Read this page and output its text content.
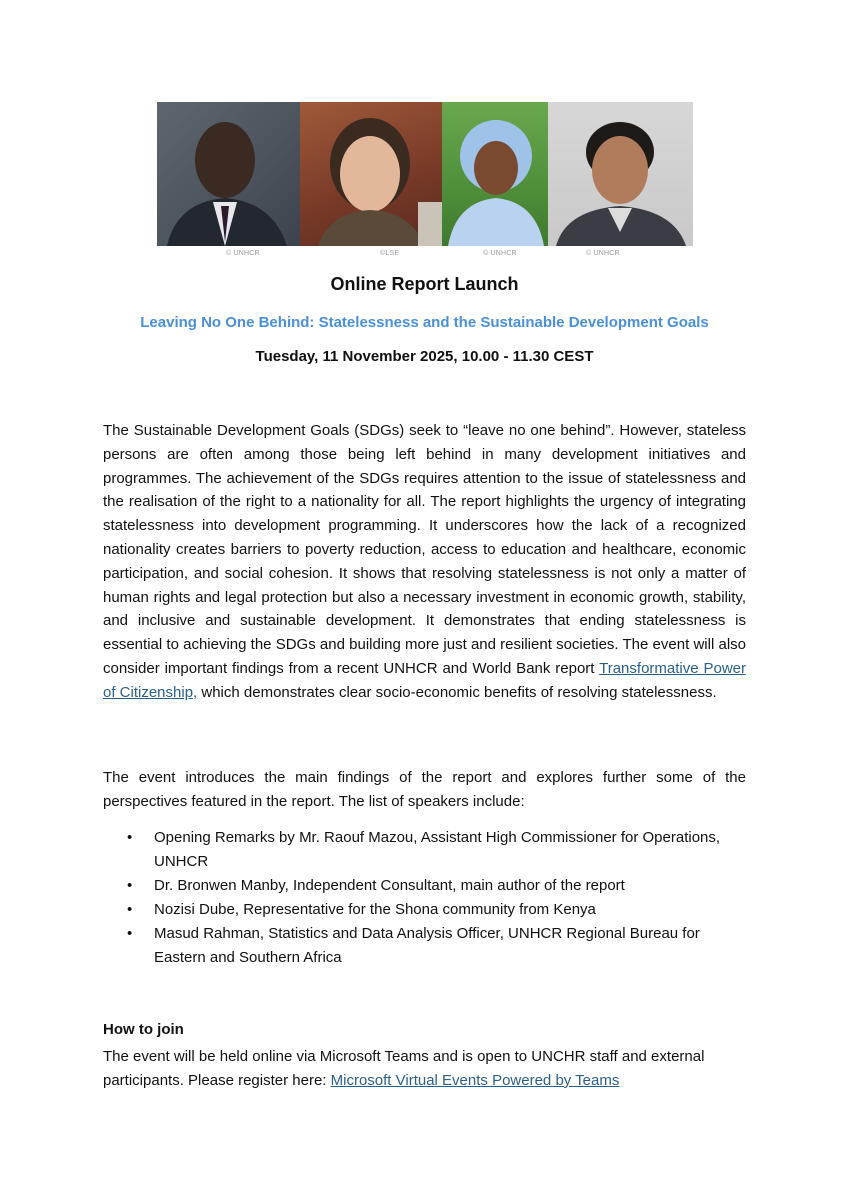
© UNHCR	©LSE	© UNHCR	© UNHCR
Online Report Launch
Leaving No One Behind: Statelessness and the Sustainable Development Goals
Tuesday, 11 November 2025, 10.00 - 11.30 CEST

The Sustainable Development Goals (SDGs) seek to “leave no one behind”. However, stateless persons are often among those being left behind in many development initiatives and programmes. The achievement of the SDGs requires attention to the issue of statelessness and the realisation of the right to a nationality for all. The report highlights the urgency of integrating statelessness into development programming. It underscores how the lack of a recognized nationality creates barriers to poverty reduction, access to education and healthcare, economic participation, and social cohesion. It shows that resolving statelessness is not only a matter of human rights and legal protection but also a necessary investment in economic growth, stability, and inclusive and sustainable development. It demonstrates that ending statelessness is essential to achieving the SDGs and building more just and resilient societies. The event will also consider important findings from a recent UNHCR and World Bank report Transformative Power of Citizenship, which demonstrates clear socio-economic benefits of resolving statelessness.

The event introduces the main findings of the report and explores further some of the perspectives featured in the report. The list of speakers include:

• Opening Remarks by Mr. Raouf Mazou, Assistant High Commissioner for Operations, UNHCR
• Dr. Bronwen Manby, Independent Consultant, main author of the report
• Nozisi Dube, Representative for the Shona community from Kenya
• Masud Rahman, Statistics and Data Analysis Officer, UNHCR Regional Bureau for Eastern and Southern Africa
How to join

The event will be held online via Microsoft Teams and is open to UNCHR staff and external participants. Please register here: Microsoft Virtual Events Powered by Teams
